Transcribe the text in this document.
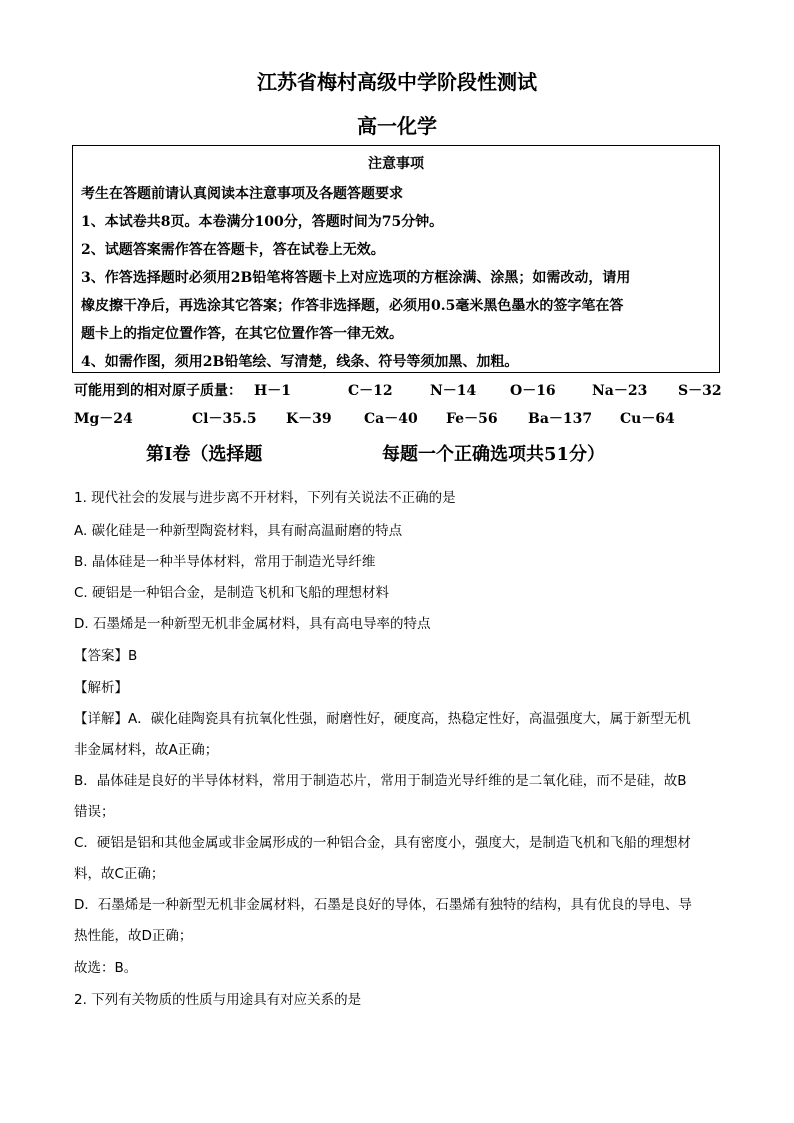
江苏省梅村高级中学阶段性测试
高一化学
注意事项
考生在答题前请认真阅读本注意事项及各题答题要求
1、本试卷共8页。本卷满分100分，答题时间为75分钟。
2、试题答案需作答在答题卡，答在试卷上无效。
3、作答选择题时必须用2B铅笔将答题卡上对应选项的方框涂满、涂黑；如需改动，请用
橡皮擦干净后，再选涂其它答案；作答非选择题，必须用0.5毫米黑色墨水的签字笔在答
题卡上的指定位置作答，在其它位置作答一律无效。
4、如需作图，须用2B铅笔绘、写清楚，线条、符号等须加黑、加粗。
可能用到的相对原子质量： H－1	C－12	N－14 O－16	Na－23 S－32
Mg－24	Cl－35.5 K－39 Ca－40 Fe－56 Ba－137 Cu－64
第Ⅰ卷（选择题	每题一个正确选项共51分）
1. 现代社会的发展与进步离不开材料，下列有关说法不正确的是
A. 碳化硅是一种新型陶瓷材料，具有耐高温耐磨的特点
B. 晶体硅是一种半导体材料，常用于制造光导纤维
C. 硬铝是一种铝合金，是制造飞机和飞船的理想材料
D. 石墨烯是一种新型无机非金属材料，具有高电导率的特点
【答案】B
【解析】
【详解】A．碳化硅陶瓷具有抗氧化性强，耐磨性好，硬度高，热稳定性好，高温强度大，属于新型无机
非金属材料，故A正确；
B．晶体硅是良好的半导体材料，常用于制造芯片，常用于制造光导纤维的是二氧化硅，而不是硅，故B
错误；
C．硬铝是铝和其他金属或非金属形成的一种铝合金，具有密度小，强度大，是制造飞机和飞船的理想材
料，故C正确；
D．石墨烯是一种新型无机非金属材料，石墨是良好的导体，石墨烯有独特的结构，具有优良的导电、导
热性能，故D正确；
故选：B。
2. 下列有关物质的性质与用途具有对应关系的是
